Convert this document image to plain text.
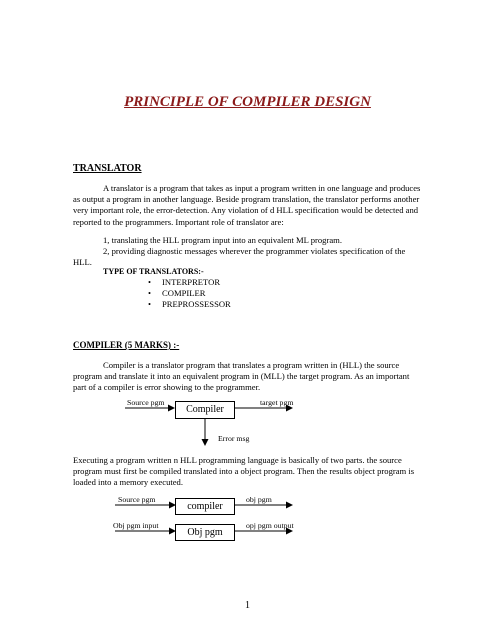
PRINCIPLE OF COMPILER DESIGN
TRANSLATOR
A translator is a program that takes as input a program written in one language and produces as output a program in another language. Beside program translation, the translator performs another very important role, the error-detection. Any violation of d HLL specification would be detected and reported to the programmers. Important role of translator are:
1, translating the HLL program input into an equivalent ML program.
2, providing diagnostic messages wherever the programmer violates specification of the
HLL.
TYPE OF TRANSLATORS:-
• INTERPRETOR
• COMPILER
• PREPROSSESSOR
COMPILER (5 MARKS) :-
Compiler is a translator program that translates a program written in (HLL) the source program and translate it into an equivalent program in (MLL) the target program. As an important part of a compiler is error showing to the programmer.
Source pgm
Compiler
target pgm
Error msg
Executing a program written n HLL programming language is basically of two parts. the source program must first be compiled translated into a object program. Then the results object program is loaded into a memory executed.
Source pgm
compiler
obj pgm
Obj pgm input
Obj pgm
opj pgm output
1
